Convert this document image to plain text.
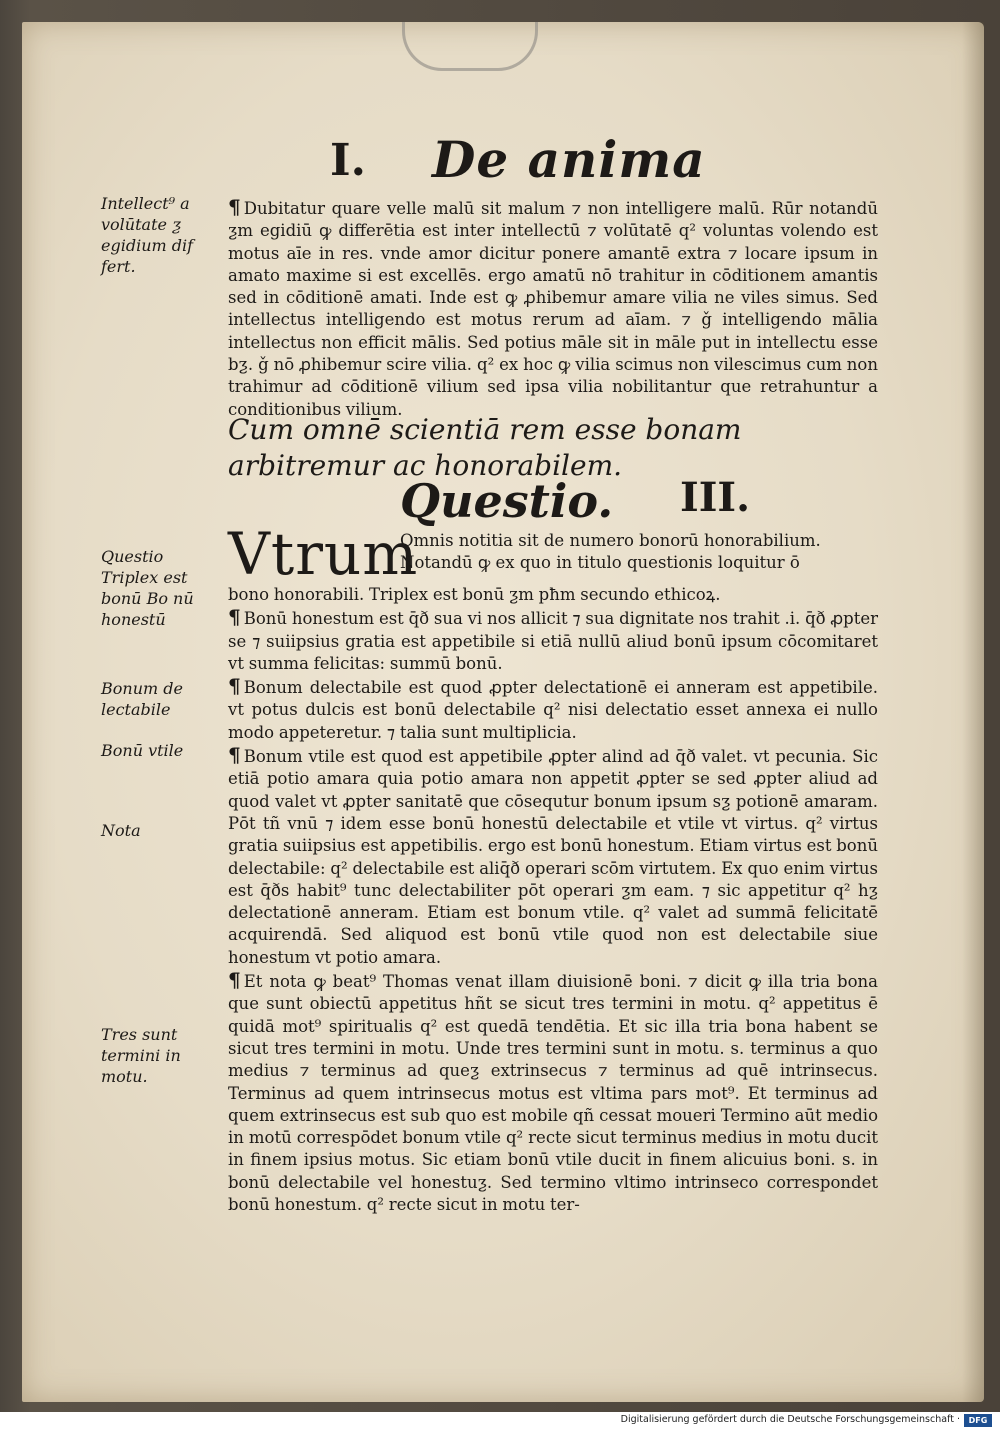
I. De anima
Intellect⁹ a volūtate ƺ egidium dif fert.
Questio Triplex est bonū Bo nū honestū
Bonum de lectabile
Bonū vtile
Nota
Tres sunt termini in motu.
¶ Dubitatur quare velle malū sit malum ⁊ non intelligere malū. Rūr notandū ƺm egidiū ꝙ differētia est inter intellectū ⁊ volūtatē q² voluntas volendo est motus aīe in res. vnde amor dicitur ponere amantē extra ⁊ locare ipsum in amato maxime si est excellēs. ergo amatū nō trahitur in cōditionem amantis sed in cōditionē amati. Inde est ꝙ ꝓhibemur amare vilia ne viles simus. Sed intellectus intelligendo est motus rerum ad aīam. ⁊ ǧ intelligendo mālia intellectus non efficit mālis. Sed potius māle sit in māle put in intellectu esse bƺ. ǧ nō ꝓhibemur scire vilia. q² ex hoc ꝙ vilia scimus non vilescimus cum non trahimur ad cōditionē vilium sed ipsa vilia nobilitantur que retrahuntur a conditionibus vilium.
Cum omnē scientiā rem esse bonam arbitremur ac honorabilem.
Questio. III.
Vtrum
Omnis notitia sit de numero bonorū honorabilium. Notandū ꝙ ex quo in titulo questionis loquitur ō
bono honorabili. Triplex est bonū ƺm pħm secundo ethicoꝝ.
¶ Bonū honestum est q̄ð sua vi nos allicit ⁊ sua dignitate nos trahit .i. q̄ð ꝓpter se ⁊ suiipsius gratia est appetibile si etiā nullū aliud bonū ipsum cōcomitaret vt summa felicitas: summū bonū.
¶ Bonum delectabile est quod ꝓpter delectationē ei anneram est appetibile. vt potus dulcis est bonū delectabile q² nisi delectatio esset annexa ei nullo modo appeteretur. ⁊ talia sunt multiplicia.
¶ Bonum vtile est quod est appetibile ꝓpter alind ad q̄ð valet. vt pecunia. Sic etiā potio amara quia potio amara non appetit ꝓpter se sed ꝓpter aliud ad quod valet vt ꝓpter sanitatē que cōsequtur bonum ipsum sƺ potionē amaram. Pōt tñ vnū ⁊ idem esse bonū honestū delectabile et vtile vt virtus. q² virtus gratia suiipsius est appetibilis. ergo est bonū honestum. Etiam virtus est bonū delectabile: q² delectabile est aliq̄ð operari scōm virtutem. Ex quo enim virtus est q̄ðs habit⁹ tunc delectabiliter pōt operari ƺm eam. ⁊ sic appetitur q² hƺ delectationē anneram. Etiam est bonum vtile. q² valet ad summā felicitatē acquirendā. Sed aliquod est bonū vtile quod non est delectabile siue honestum vt potio amara.
¶ Et nota ꝙ beat⁹ Thomas venat illam diuisionē boni. ⁊ dicit ꝙ illa tria bona que sunt obiectū appetitus hñt se sicut tres termini in motu. q² appetitus ē quidā mot⁹ spiritualis q² est quedā tendētia. Et sic illa tria bona habent se sicut tres termini in motu. Unde tres termini sunt in motu. s. terminus a quo medius ⁊ terminus ad queƺ extrinsecus ⁊ terminus ad quē intrinsecus. Terminus ad quem intrinsecus motus est vltima pars mot⁹. Et terminus ad quem extrinsecus est sub quo est mobile qñ cessat moueri Termino aūt medio in motū correspōdet bonum vtile q² recte sicut terminus medius in motu ducit in finem ipsius motus. Sic etiam bonū vtile ducit in finem alicuius boni. s. in bonū delectabile vel honestuƺ. Sed termino vltimo intrinseco correspondet bonū honestum. q² recte sicut in motu ter-
Digitalisierung gefördert durch die Deutsche Forschungsgemeinschaft ·	DFG
